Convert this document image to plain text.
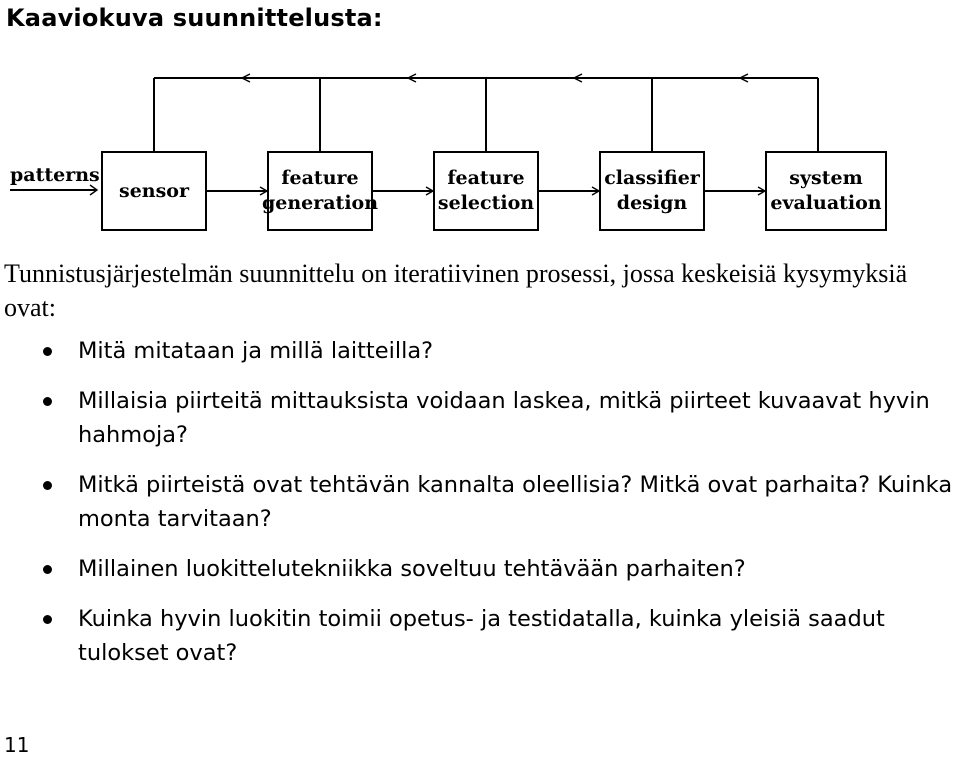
Kaaviokuva suunnittelusta:
patterns
sensor
feature
generation
feature
selection
classifier
design
system
evaluation
Tunnistusjärjestelmän suunnittelu on iteratiivinen prosessi, jossa keskeisiä kysymyksiä ovat:
Mitä mitataan ja millä laitteilla?
Millaisia piirteitä mittauksista voidaan laskea, mitkä piirteet kuvaavat hyvin hahmoja?
Mitkä piirteistä ovat tehtävän kannalta oleellisia? Mitkä ovat parhaita? Kuinka monta tarvitaan?
Millainen luokittelutekniikka soveltuu tehtävään parhaiten?
Kuinka hyvin luokitin toimii opetus- ja testidatalla, kuinka yleisiä saadut tulokset ovat?
11
